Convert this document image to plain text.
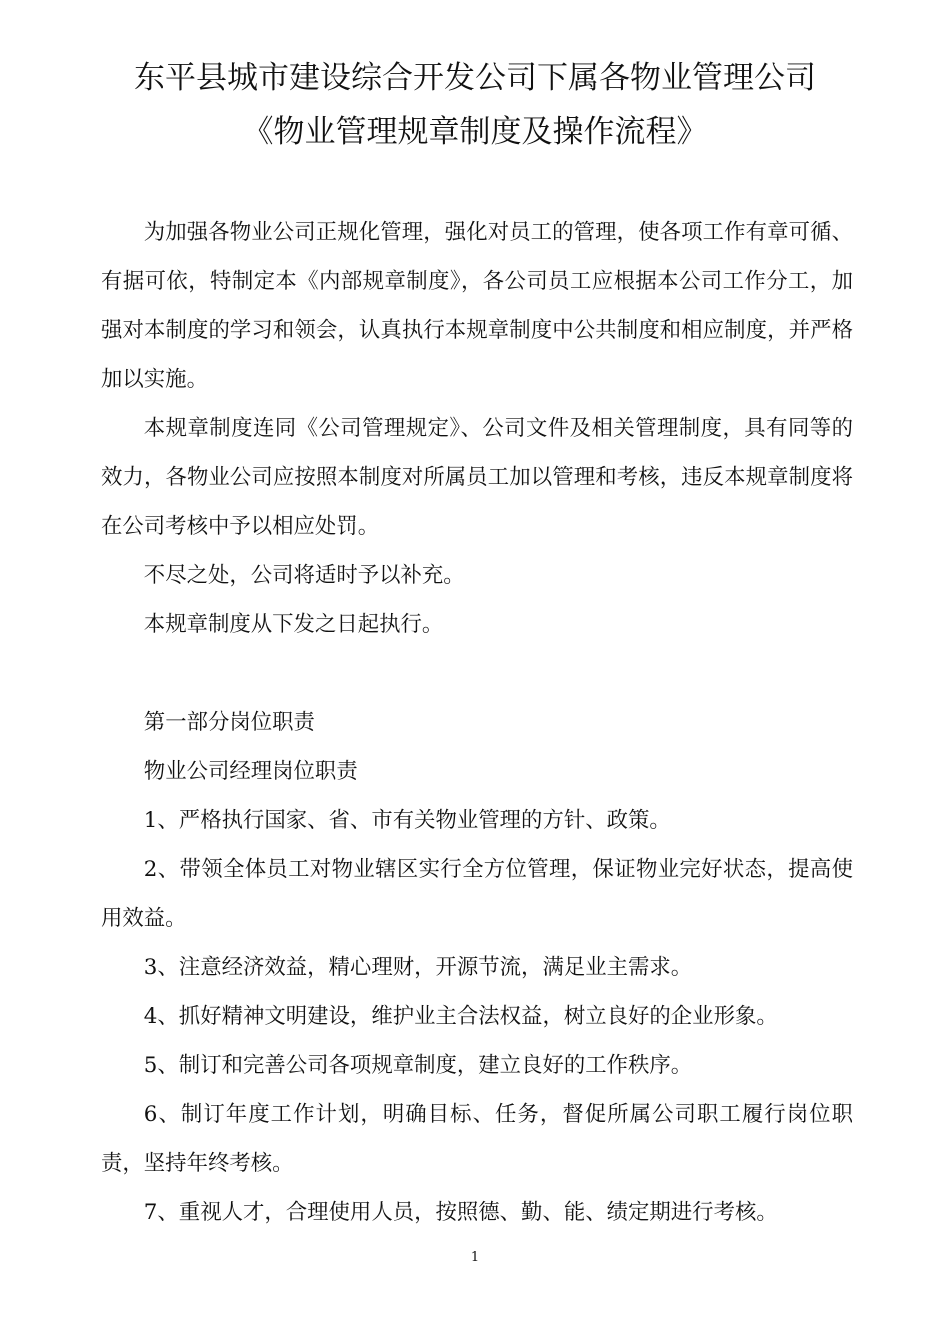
东平县城市建设综合开发公司下属各物业管理公司
《物业管理规章制度及操作流程》

为加强各物业公司正规化管理，强化对员工的管理，使各项工作有章可循、有据可依，特制定本《内部规章制度》，各公司员工应根据本公司工作分工，加强对本制度的学习和领会，认真执行本规章制度中公共制度和相应制度，并严格加以实施。

本规章制度连同《公司管理规定》、公司文件及相关管理制度，具有同等的效力，各物业公司应按照本制度对所属员工加以管理和考核，违反本规章制度将在公司考核中予以相应处罚。

不尽之处，公司将适时予以补充。

本规章制度从下发之日起执行。

第一部分岗位职责

物业公司经理岗位职责

1、严格执行国家、省、市有关物业管理的方针、政策。

2、带领全体员工对物业辖区实行全方位管理，保证物业完好状态，提高使用效益。

3、注意经济效益，精心理财，开源节流，满足业主需求。

4、抓好精神文明建设，维护业主合法权益，树立良好的企业形象。

5、制订和完善公司各项规章制度，建立良好的工作秩序。

6、制订年度工作计划，明确目标、任务，督促所属公司职工履行岗位职责，坚持年终考核。

7、重视人才，合理使用人员，按照德、勤、能、绩定期进行考核。

1
